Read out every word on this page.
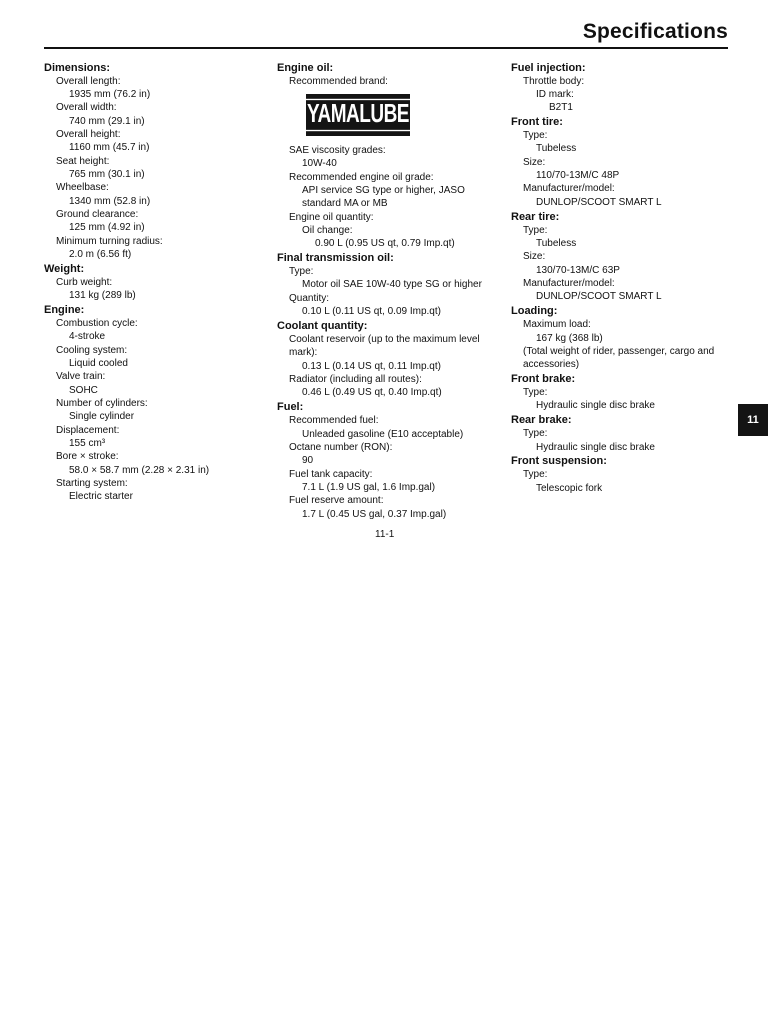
Specifications
Dimensions:
Overall length:
1935 mm (76.2 in)
Overall width:
740 mm (29.1 in)
Overall height:
1160 mm (45.7 in)
Seat height:
765 mm (30.1 in)
Wheelbase:
1340 mm (52.8 in)
Ground clearance:
125 mm (4.92 in)
Minimum turning radius:
2.0 m (6.56 ft)
Weight:
Curb weight:
131 kg (289 lb)
Engine:
Combustion cycle:
4-stroke
Cooling system:
Liquid cooled
Valve train:
SOHC
Number of cylinders:
Single cylinder
Displacement:
155 cm³
Bore × stroke:
58.0 × 58.7 mm (2.28 × 2.31 in)
Starting system:
Electric starter
Engine oil:
Recommended brand:
YAMALUBE
SAE viscosity grades:
10W-40
Recommended engine oil grade:
API service SG type or higher, JASO
standard MA or MB
Engine oil quantity:
Oil change:
0.90 L (0.95 US qt, 0.79 Imp.qt)
Final transmission oil:
Type:
Motor oil SAE 10W-40 type SG or higher
Quantity:
0.10 L (0.11 US qt, 0.09 Imp.qt)
Coolant quantity:
Coolant reservoir (up to the maximum level
mark):
0.13 L (0.14 US qt, 0.11 Imp.qt)
Radiator (including all routes):
0.46 L (0.49 US qt, 0.40 Imp.qt)
Fuel:
Recommended fuel:
Unleaded gasoline (E10 acceptable)
Octane number (RON):
90
Fuel tank capacity:
7.1 L (1.9 US gal, 1.6 Imp.gal)
Fuel reserve amount:
1.7 L (0.45 US gal, 0.37 Imp.gal)
Fuel injection:
Throttle body:
ID mark:
B2T1
Front tire:
Type:
Tubeless
Size:
110/70-13M/C 48P
Manufacturer/model:
DUNLOP/SCOOT SMART L
Rear tire:
Type:
Tubeless
Size:
130/70-13M/C 63P
Manufacturer/model:
DUNLOP/SCOOT SMART L
Loading:
Maximum load:
167 kg (368 lb)
(Total weight of rider, passenger, cargo and
accessories)
Front brake:
Type:
Hydraulic single disc brake
Rear brake:
Type:
Hydraulic single disc brake
Front suspension:
Type:
Telescopic fork
11
11-1
